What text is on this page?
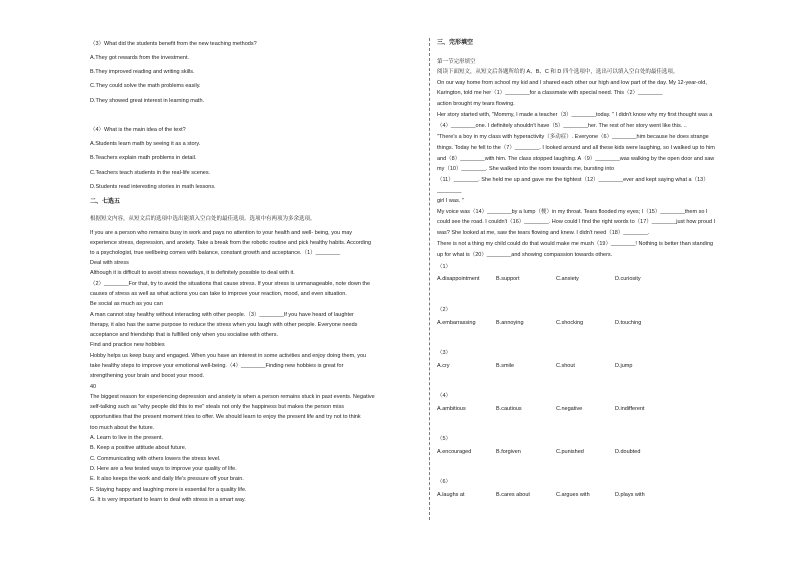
（3）What did the students benefit from the new teaching methods?
A.They got rewards from the investment.
B.They improved reading and writing skills.
C.They could solve the math problems easily.
D.They showed great interest in learning math.
（4）What is the main idea of the text?
A.Students learn math by seeing it as a story.
B.Teachers explain math problems in detail.
C.Teachers teach students in the real-life scenes.
D.Students read interesting stories in math lessons.
二、七选五
根据短文内容，从短文后的选项中选出能填入空白处的最佳选项。选项中有两项为多余选项。
If you are a person who remains busy in work and pays no attention to your health and well- being, you may
experience stress, depression, and anxiety. Take a break from the robotic routine and pick healthy habits. According
to a psychologist, true wellbeing comes with balance, constant growth and acceptance.（1）________
Deal with stress
Although it is difficult to avoid stress nowadays, it is definitely possible to deal with it.
（2）________For that, try to avoid the situations that cause stress. If your stress is unmanageable, note down the
causes of stress as well as what actions you can take to improve your reaction, mood, and even situation.
Be social as much as you can
A man cannot stay healthy without interacting with other people.（3）________If you have heard of laughter
therapy, it also has the same purpose to reduce the stress when you laugh with other people. Everyone needs
acceptance and friendship that is fulfilled only when you socialise with others.
Find and practice new hobbies
Hobby helps us keep busy and engaged. When you have an interest in some activities and enjoy doing them, you
take healthy steps to improve your emotional well-being.（4）________Finding new hobbies is great for
strengthening your brain and boost your mood.
40
The biggest reason for experiencing depression and anxiety is when a person remains stuck in past events. Negative
self-talking such as "why people did this to me" steals not only the happiness but makes the person miss
opportunities that the present moment tries to offer. We should learn to enjoy the present life and try not to think
too much about the future.
A. Learn to live in the present.
B. Keep a positive attitude about future.
C. Communicating with others lowers the stress level.
D. Here are a few tested ways to improve your quality of life.
E. It also keeps the work and daily life's pressure off your brain.
F. Staying happy and laughing more is essential for a quality life.
G. It is very important to learn to deal with stress in a smart way.
三、完形填空
第一节完形填空
阅读下面短文，从短文后各题所给的 A、B、C 和 D 四个选项中，选出可以填入空白处的最佳选项。
On our way home from school my kid and I shared each other our high and low part of the day. My 12-year-old,
Karington, told me her（1）________for a classmate with special need. This（2）________
action brought my tears flowing.
Her story started with, "Mommy, I made a teacher（3）________today. " I didn't know why my first thought was a
（4）________one. I definitely shouldn't have（5）________her. The rest of her story went like this. ..
"There's a boy in my class with hyperactivity（多动症）. Everyone（6）________him because he does strange
things. Today he fell to the（7）________. I looked around and all these kids were laughing, so I walked up to him
and（8）________with him. The class stopped laughing. A（9）________was walking by the open door and saw
my（10）________. She walked into the room towards me, bursting into
（11）________. She held me up and gave me the tightest（12）________ever and kept saying what a（13）
________
girl I was. "
My voice was（14）________by a lump（梗）in my throat. Tears flooded my eyes; I（15）________them so I
could see the road. I couldn't（16）________. How could I find the right words to（17）________just how proud I
was? She looked at me, saw the tears flowing and knew. I didn't need（18）________.
There is not a thing my child could do that would make me mush（19）________! Nothing is better than standing
up for what is（20）________and showing compassion towards others.
（1）
A.disappointment	B.support	C.anxiety	D.curiosity
（2）
A.embarrassing	B.annoying	C.shocking	D.touching
（3）
A.cry	B.smile	C.shout	D.jump
（4）
A.ambitious	B.cautious	C.negative	D.indifferent
（5）
A.encouraged	B.forgiven	C.punished	D.doubted
（6）
A.laughs at	B.cares about	C.argues with	D.plays with
